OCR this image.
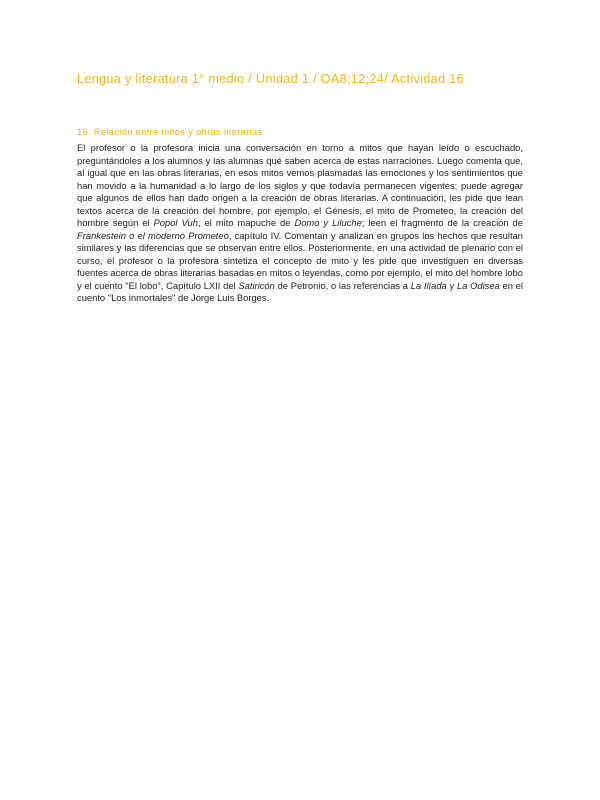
Lengua y literatura 1° medio / Unidad 1 / OA8;12;24/ Actividad 16
16. Relación entre mitos y obras literarias

El profesor o la profesora inicia una conversación en torno a mitos que hayan leído o escuchado, preguntándoles a los alumnos y las alumnas qué saben acerca de estas narraciones. Luego comenta que, al igual que en las obras literarias, en esos mitos vemos plasmadas las emociones y los sentimientos que han movido a la humanidad a lo largo de los siglos y que todavía permanecen vigentes; puede agregar que algunos de ellos han dado origen a la creación de obras literarias. A continuación, les pide que lean textos acerca de la creación del hombre, por ejemplo, el Génesis, el mito de Prometeo, la creación del hombre según el Popol Vuh, el mito mapuche de Domo y Liluche; leen el fragmento de la creación de Frankestein o el moderno Prometeo, capítulo IV. Comentan y analizan en grupos los hechos que resultan similares y las diferencias que se observan entre ellos. Posteriormente, en una actividad de plenario con el curso, el profesor o la profesora sintetiza el concepto de mito y les pide que investiguen en diversas fuentes acerca de obras literarias basadas en mitos o leyendas, como por ejemplo, el mito del hombre lobo y el cuento "El lobo", Capítulo LXII del Satiricón de Petronio, o las referencias a La Ilíada y La Odisea en el cuento "Los inmortales" de Jorge Luis Borges.
